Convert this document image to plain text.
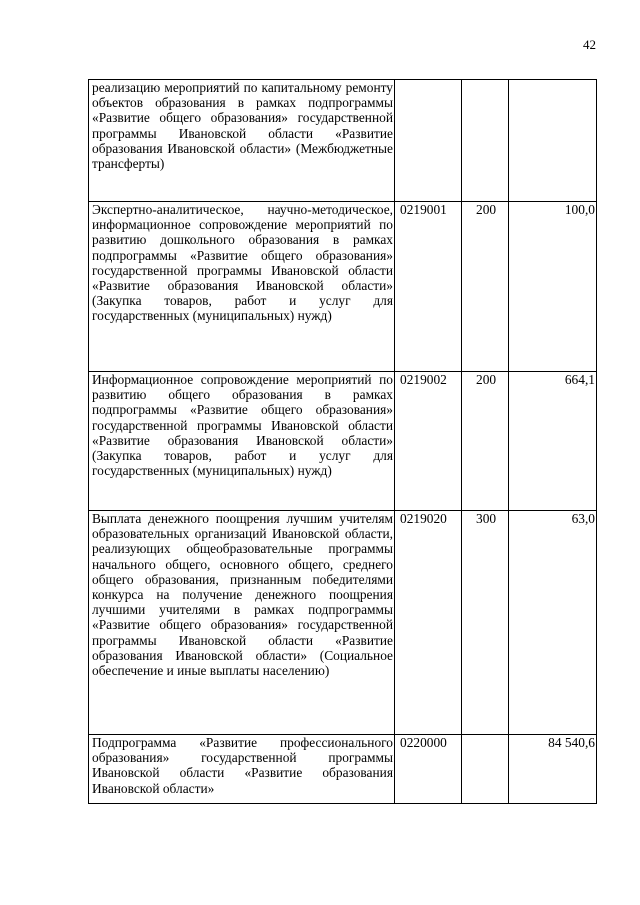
42
реализацию мероприятий по капитальному ремонту объектов образования в рамках подпрограммы «Развитие общего образования» государственной программы Ивановской области «Развитие образования Ивановской области» (Межбюджетные трансферты)			
Экспертно-аналитическое, научно-методическое, информационное сопровождение мероприятий по развитию дошкольного образования в рамках подпрограммы «Развитие общего образования» государственной программы Ивановской области «Развитие образования Ивановской области» (Закупка товаров, работ и услуг для государственных (муниципальных) нужд)	0219001	200	100,0
Информационное сопровождение мероприятий по развитию общего образования в рамках подпрограммы «Развитие общего образования» государственной программы Ивановской области «Развитие образования Ивановской области» (Закупка товаров, работ и услуг для государственных (муниципальных) нужд)	0219002	200	664,1
Выплата денежного поощрения лучшим учителям образовательных организаций Ивановской области, реализующих общеобразовательные программы начального общего, основного общего, среднего общего образования, признанным победителями конкурса на получение денежного поощрения лучшими учителями в рамках подпрограммы «Развитие общего образования» государственной программы Ивановской области «Развитие образования Ивановской области» (Социальное обеспечение и иные выплаты населению)	0219020	300	63,0
Подпрограмма «Развитие профессионального образования» государственной программы Ивановской области «Развитие образования Ивановской области»	0220000		84 540,6
